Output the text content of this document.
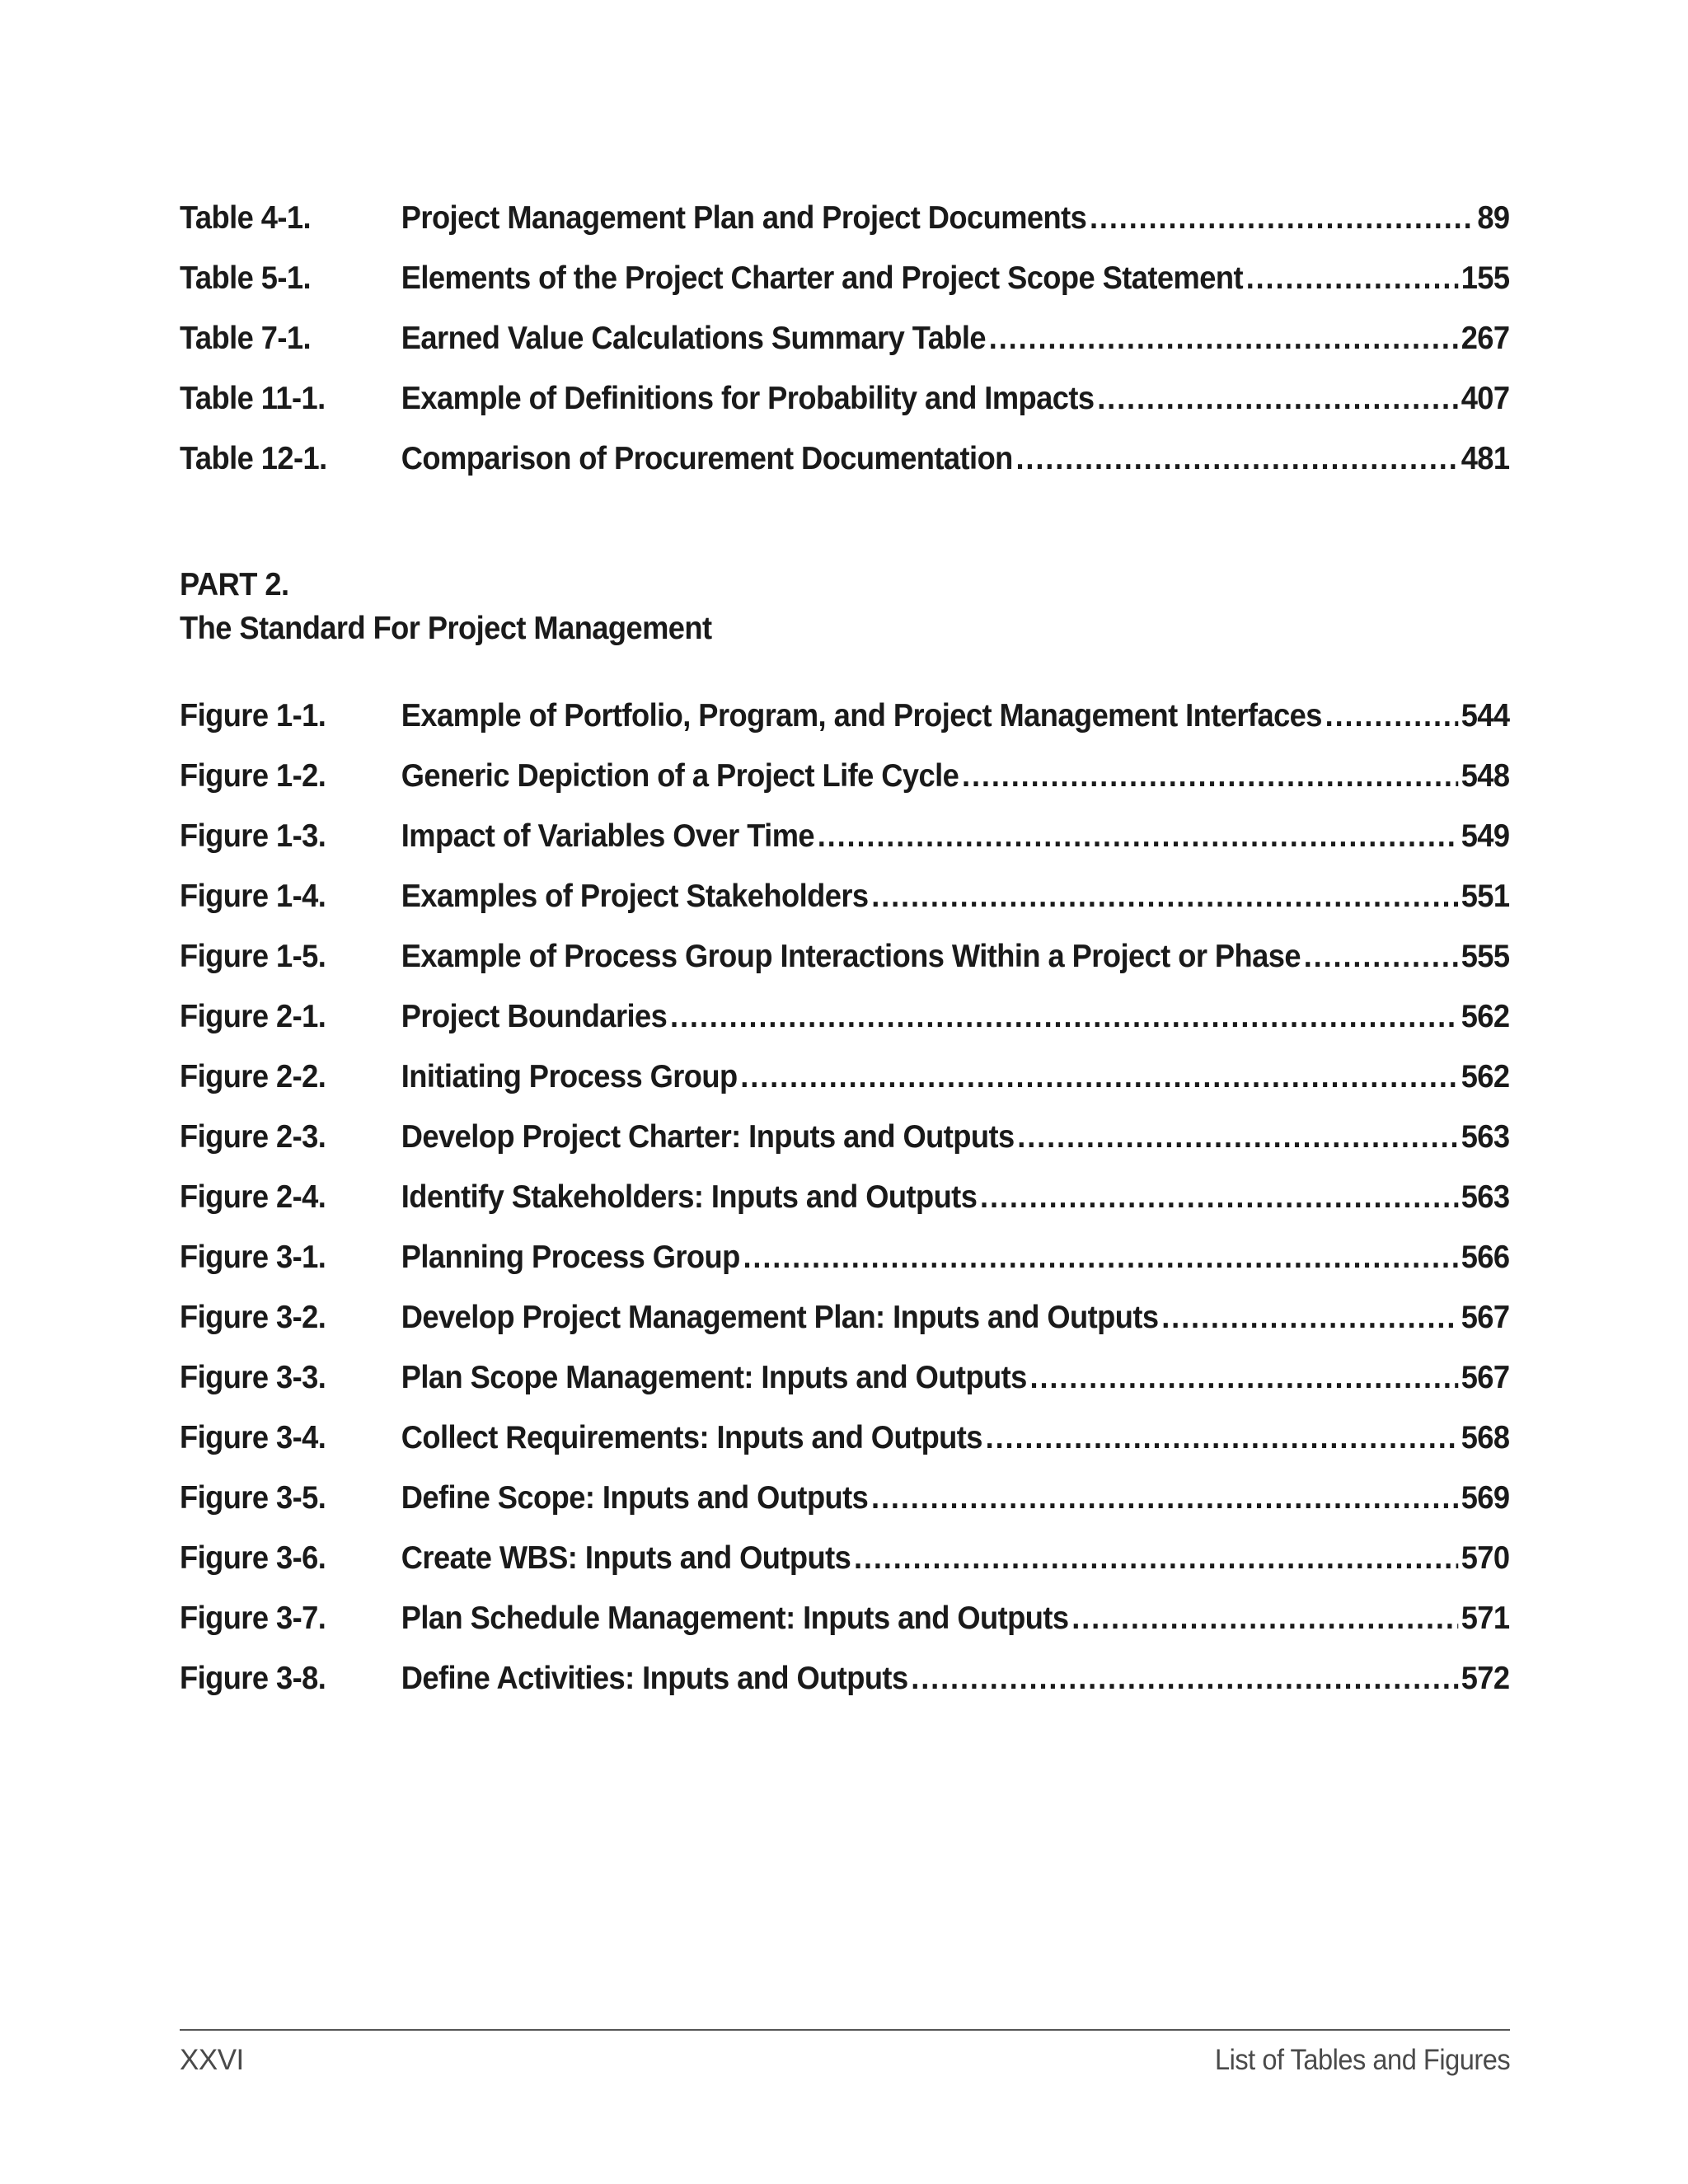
Table 4-1.	Project Management Plan and Project Documents .....	89
Table 5-1.	Elements of the Project Charter and Project Scope Statement .....	155
Table 7-1.	Earned Value Calculations Summary Table .....	267
Table 11-1.	Example of Definitions for Probability and Impacts .....	407
Table 12-1.	Comparison of Procurement Documentation .....	481
PART 2.
The Standard For Project Management
Figure 1-1.	Example of Portfolio, Program, and Project Management Interfaces .....	544
Figure 1-2.	Generic Depiction of a Project Life Cycle .....	548
Figure 1-3.	Impact of Variables Over Time .....	549
Figure 1-4.	Examples of Project Stakeholders .....	551
Figure 1-5.	Example of Process Group Interactions Within a Project or Phase .....	555
Figure 2-1.	Project Boundaries .....	562
Figure 2-2.	Initiating Process Group .....	562
Figure 2-3.	Develop Project Charter: Inputs and Outputs .....	563
Figure 2-4.	Identify Stakeholders: Inputs and Outputs .....	563
Figure 3-1.	Planning Process Group .....	566
Figure 3-2.	Develop Project Management Plan: Inputs and Outputs .....	567
Figure 3-3.	Plan Scope Management: Inputs and Outputs .....	567
Figure 3-4.	Collect Requirements: Inputs and Outputs .....	568
Figure 3-5.	Define Scope: Inputs and Outputs .....	569
Figure 3-6.	Create WBS: Inputs and Outputs .....	570
Figure 3-7.	Plan Schedule Management: Inputs and Outputs .....	571
Figure 3-8.	Define Activities: Inputs and Outputs .....	572
XXVI	List of Tables and Figures
